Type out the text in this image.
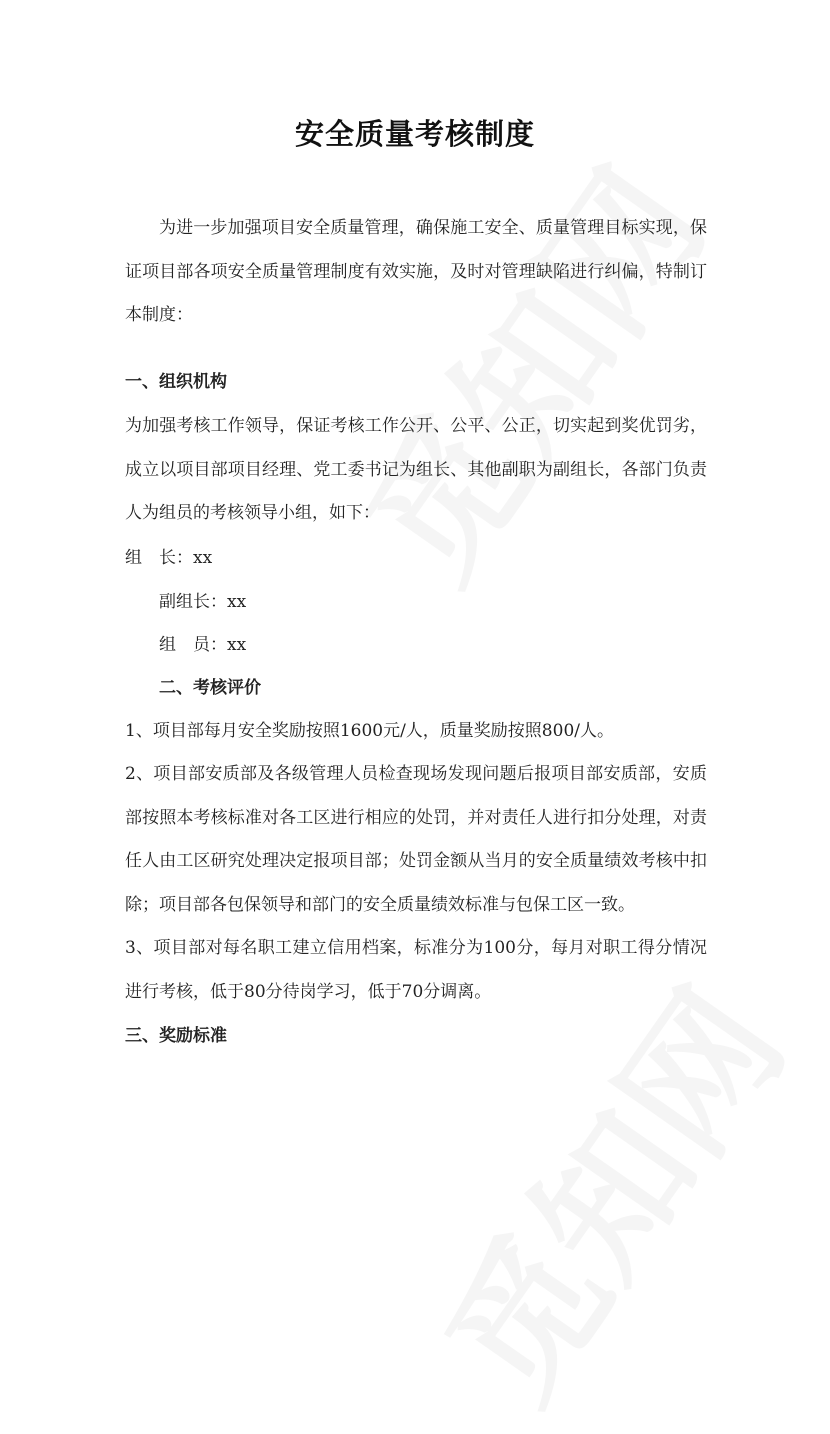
安全质量考核制度

为进一步加强项目安全质量管理，确保施工安全、质量管理目标实现，保证项目部各项安全质量管理制度有效实施，及时对管理缺陷进行纠偏，特制订本制度：

一、组织机构

为加强考核工作领导，保证考核工作公开、公平、公正，切实起到奖优罚劣，成立以项目部项目经理、党工委书记为组长、其他副职为副组长，各部门负责人为组员的考核领导小组，如下：

组　长：xx
副组长：xx
组　员：xx
二、考核评价

1、项目部每月安全奖励按照1600元/人，质量奖励按照800/人。

2、项目部安质部及各级管理人员检查现场发现问题后报项目部安质部，安质部按照本考核标准对各工区进行相应的处罚，并对责任人进行扣分处理，对责任人由工区研究处理决定报项目部；处罚金额从当月的安全质量绩效考核中扣除；项目部各包保领导和部门的安全质量绩效标准与包保工区一致。

3、项目部对每名职工建立信用档案，标准分为100分，每月对职工得分情况进行考核，低于80分待岗学习，低于70分调离。

三、奖励标准
